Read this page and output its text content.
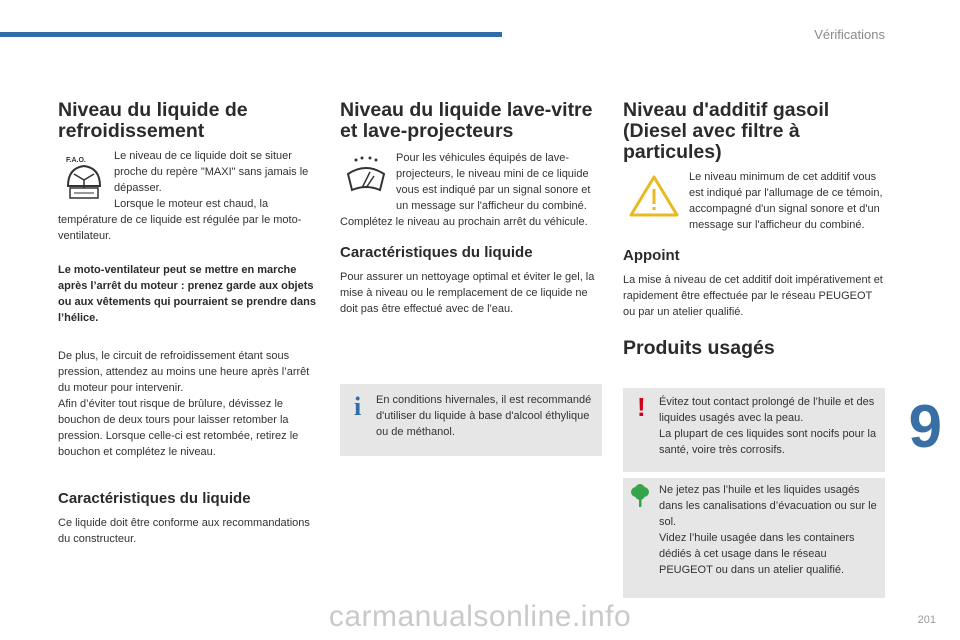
Vérifications
Niveau du liquide de refroidissement
F.A.O.	Le niveau de ce liquide doit se situer proche du repère "MAXI" sans jamais le dépasser.

Lorsque le moteur est chaud, la température de ce liquide est régulée par le moto-ventilateur.

Le moto-ventilateur peut se mettre en marche après l’arrêt du moteur : prenez garde aux objets ou aux vêtements qui pourraient se prendre dans l’hélice.

De plus, le circuit de refroidissement étant sous pression, attendez au moins une heure après l’arrêt du moteur pour intervenir.

Afin d’éviter tout risque de brûlure, dévissez le bouchon de deux tours pour laisser retomber la pression. Lorsque celle-ci est retombée, retirez le bouchon et complétez le niveau.

Caractéristiques du liquide

Ce liquide doit être conforme aux recommandations du constructeur.

Niveau du liquide lave-vitre et lave-projecteurs

Pour les véhicules équipés de lave-projecteurs, le niveau mini de ce liquide vous est indiqué par un signal sonore et un message sur l'afficheur du combiné.

Complétez le niveau au prochain arrêt du véhicule.

Caractéristiques du liquide

Pour assurer un nettoyage optimal et éviter le gel, la mise à niveau ou le remplacement de ce liquide ne doit pas être effectué avec de l'eau.

i En conditions hivernales, il est recommandé d'utiliser du liquide à base d'alcool éthylique ou de méthanol.

Niveau d'additif gasoil (Diesel avec filtre à particules)

Le niveau minimum de cet additif vous est indiqué par l'allumage de ce témoin, accompagné d'un signal sonore et d'un message sur l'afficheur du combiné.

Appoint

La mise à niveau de cet additif doit impérativement et rapidement être effectuée par le réseau PEUGEOT ou par un atelier qualifié.

Produits usagés
! Évitez tout contact prolongé de l’huile et des liquides usagés avec la peau.

La plupart de ces liquides sont nocifs pour la santé, voire très corrosifs.

Ne jetez pas l’huile et les liquides usagés dans les canalisations d’évacuation ou sur le sol.

Videz l’huile usagée dans les containers dédiés à cet usage dans le réseau PEUGEOT ou dans un atelier qualifié.

9
carmanualsonline.info	201
